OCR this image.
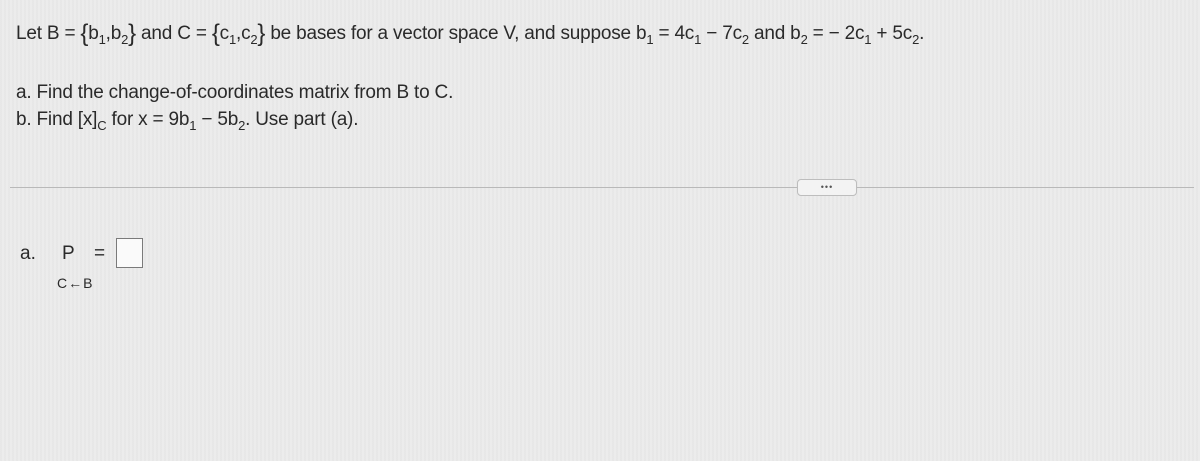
Let $B = \{b_1,b_2\}$ and $C = \{c_1,c_2\}$ be bases for a vector space V, and suppose $b_1 = 4c_1 - 7c_2$ and $b_2$ = − $2c_1 + 5c_2$.
a. Find the change-of-coordinates matrix from B to C.
b. Find $[x]_C$ for $x = 9b_1 - 5b_2$. Use part (a).
•••
a. P
C←B
=
